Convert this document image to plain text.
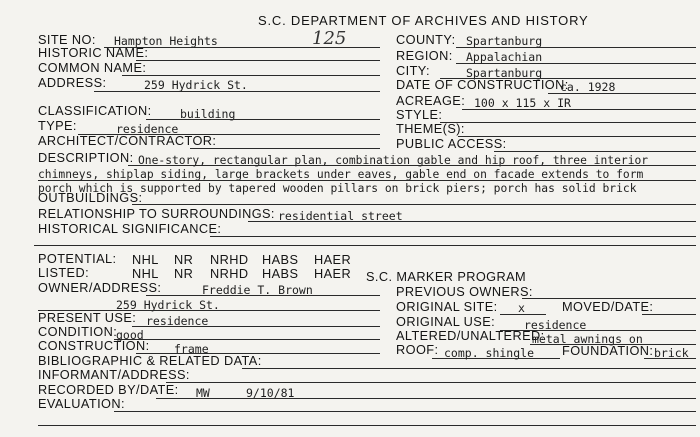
S.C. DEPARTMENT OF ARCHIVES AND HISTORY
125
SITE NO: Hampton Heights
HISTORIC NAME:
COMMON NAME:
ADDRESS:	259 Hydrick St.
CLASSIFICATION: building
TYPE:	residence
ARCHITECT/CONTRACTOR:
COUNTY: Spartanburg
REGION: Appalachian
CITY:	Spartanburg
DATE OF CONSTRUCTION:
ca. 1928
ACREAGE: 100 x 115 x IR
STYLE:
THEME(S):
PUBLIC ACCESS:
DESCRIPTION: One-story, rectangular plan, combination gable and hip roof, three interior
chimneys, shiplap siding, large brackets under eaves, gable end on facade extends to form
porch which is supported by tapered wooden pillars on brick piers; porch has solid brick
OUTBUILDINGS:
RELATIONSHIP TO SURROUNDINGS: residential street
HISTORICAL SIGNIFICANCE:
POTENTIAL: NHL NR NRHD HABS HAER
LISTED:	NHL NR NRHD HABS HAER S.C. MARKER PROGRAM
OWNER/ADDRESS:	Freddie T. Brown	PREVIOUS OWNERS:
259 Hydrick St.	ORIGINAL SITE: x	MOVED/DATE:
PRESENT USE: residence	ORIGINAL USE:	residence
CONDITION:
good	ALTERED/UNALTERED:
metal awnings on
CONSTRUCTION: frame	ROOF: comp. shingle FOUNDATION: brick
BIBLIOGRAPHIC & RELATED DATA:
INFORMANT/ADDRESS:
RECORDED BY/DATE: MW	9/10/81
EVALUATION:
